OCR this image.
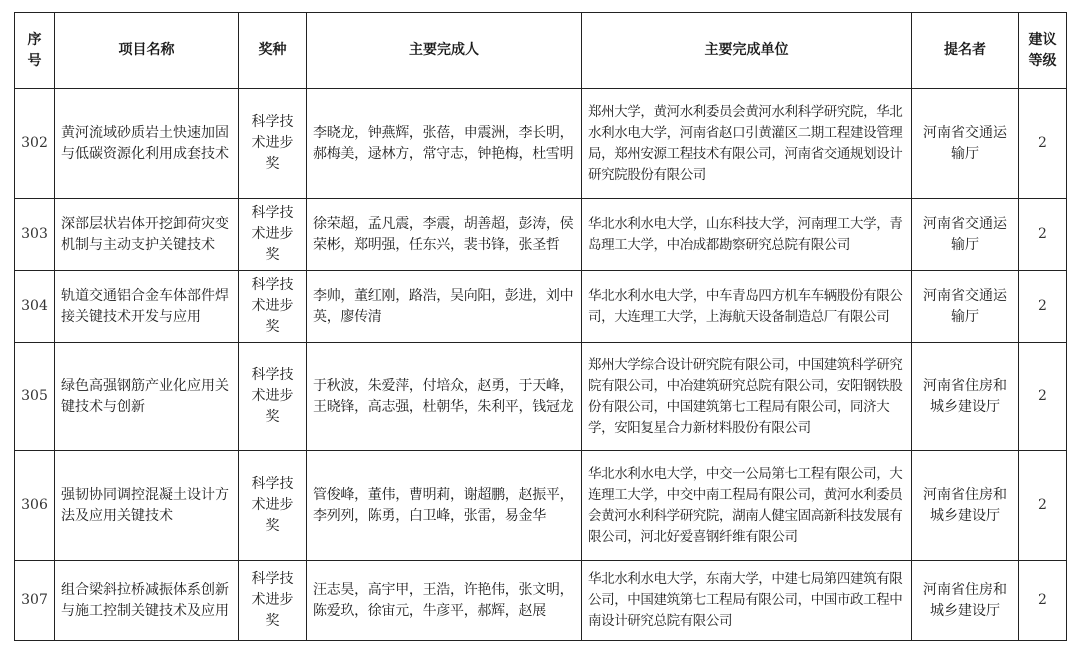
序号	项目名称	奖种	主要完成人	主要完成单位	提名者	建议等级
302	黄河流域砂质岩土快速加固与低碳资源化利用成套技术	科学技术进步奖	李晓龙，钟燕辉，张蓓，申震洲，李长明，郝梅美，逯林方，常守志，钟艳梅，杜雪明	郑州大学，黄河水利委员会黄河水利科学研究院，华北水利水电大学，河南省赵口引黄灌区二期工程建设管理局，郑州安源工程技术有限公司，河南省交通规划设计研究院股份有限公司	河南省交通运输厅	2
303	深部层状岩体开挖卸荷灾变机制与主动支护关键技术	科学技术进步奖	徐荣超，孟凡震，李震，胡善超，彭涛，侯荣彬，郑明强，任东兴，裴书锋，张圣哲	华北水利水电大学，山东科技大学，河南理工大学，青岛理工大学，中冶成都勘察研究总院有限公司	河南省交通运输厅	2
304	轨道交通铝合金车体部件焊接关键技术开发与应用	科学技术进步奖	李帅，董红刚，路浩，吴向阳，彭进，刘中英，廖传清	华北水利水电大学，中车青岛四方机车车辆股份有限公司，大连理工大学，上海航天设备制造总厂有限公司	河南省交通运输厅	2
305	绿色高强钢筋产业化应用关键技术与创新	科学技术进步奖	于秋波，朱爱萍，付培众，赵勇，于天峰，王晓锋，高志强，杜朝华，朱利平，钱冠龙	郑州大学综合设计研究院有限公司，中国建筑科学研究院有限公司，中冶建筑研究总院有限公司，安阳钢铁股份有限公司，中国建筑第七工程局有限公司，同济大学，安阳复星合力新材料股份有限公司	河南省住房和城乡建设厅	2
306	强韧协同调控混凝土设计方法及应用关键技术	科学技术进步奖	管俊峰，董伟，曹明莉，谢超鹏，赵振平，李列列，陈勇，白卫峰，张雷，易金华	华北水利水电大学，中交一公局第七工程有限公司，大连理工大学，中交中南工程局有限公司，黄河水利委员会黄河水利科学研究院，湖南人健宝固高新科技发展有限公司，河北好爱喜钢纤维有限公司	河南省住房和城乡建设厅	2
307	组合梁斜拉桥减振体系创新与施工控制关键技术及应用	科学技术进步奖	汪志昊，高宇甲，王浩，许艳伟，张文明，陈爱玖，徐宙元，牛彦平，郝辉，赵展	华北水利水电大学，东南大学，中建七局第四建筑有限公司，中国建筑第七工程局有限公司，中国市政工程中南设计研究总院有限公司	河南省住房和城乡建设厅	2
